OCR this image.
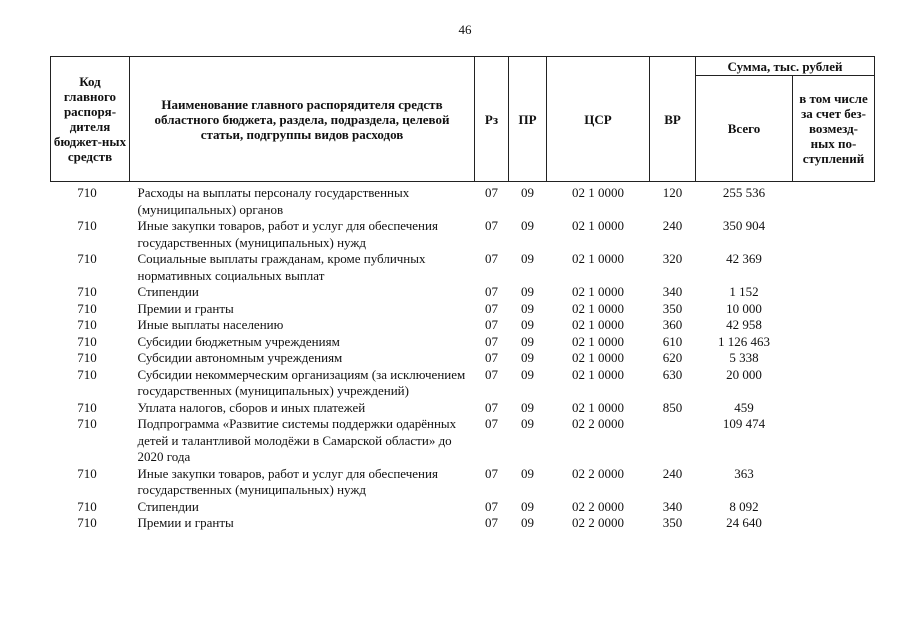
46
Код главного распоря-дителя бюджет-ных средств	Наименование главного распорядителя средств областного бюджета, раздела, подраздела, целевой статьи, подгруппы видов расходов	Рз	ПР	ЦСР	ВР	Сумма, тыс. рублей	
						Всего	в том числе за счет без-возмезд-ных по-ступлений

710	Расходы на выплаты персоналу государственных (муниципальных) органов	07	09	02 1 0000	120	255 536	
710	Иные закупки товаров, работ и услуг для обеспечения государственных (муниципальных) нужд	07	09	02 1 0000	240	350 904	
710	Социальные выплаты гражданам, кроме публичных нормативных социальных выплат	07	09	02 1 0000	320	42 369	
710	Стипендии	07	09	02 1 0000	340	1 152	
710	Премии и гранты	07	09	02 1 0000	350	10 000	
710	Иные выплаты населению	07	09	02 1 0000	360	42 958	
710	Субсидии бюджетным учреждениям	07	09	02 1 0000	610	1 126 463	
710	Субсидии автономным учреждениям	07	09	02 1 0000	620	5 338	
710	Субсидии некоммерческим организациям (за исключением государственных (муниципальных) учреждений)	07	09	02 1 0000	630	20 000	
710	Уплата налогов, сборов и иных платежей	07	09	02 1 0000	850	459	
710	Подпрограмма «Развитие системы поддержки одарённых детей и талантливой молодёжи в Самарской области» до 2020 года	07	09	02 2 0000		109 474	
710	Иные закупки товаров, работ и услуг для обеспечения государственных (муниципальных) нужд	07	09	02 2 0000	240	363	
710	Стипендии	07	09	02 2 0000	340	8 092	
710	Премии и гранты	07	09	02 2 0000	350	24 640	
